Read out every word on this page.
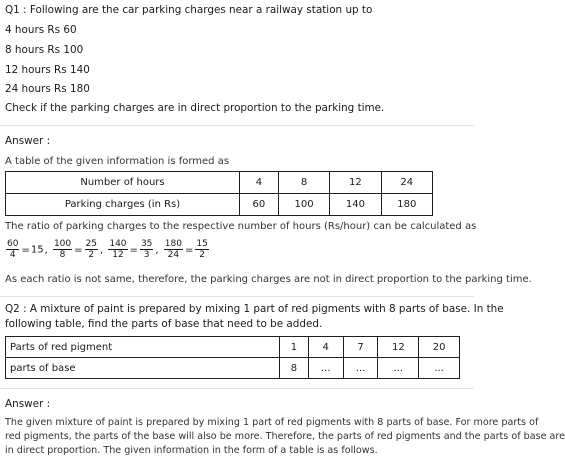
Q1 : Following are the car parking charges near a railway station up to
4 hours Rs 60
8 hours Rs 100
12 hours Rs 140
24 hours Rs 180
Check if the parking charges are in direct proportion to the parking time.
Answer :
A table of the given information is formed as
Number of hours	4	8	12	24
Parking charges (in Rs)	60	100	140	180
The ratio of parking charges to the respective number of hours (Rs/hour) can be calculated as
$\frac{60}{4} =15$, $\frac{100}{8} = \frac{25}{2}$ , $\frac{140}{12} = \frac{35}{3}$ , $\frac{180}{24} = \frac{15}{2}$
As each ratio is not same, therefore, the parking charges are not in direct proportion to the parking time.
Q2 : A mixture of paint is prepared by mixing 1 part of red pigments with 8 parts of base. In the
following table, find the parts of base that need to be added.
Parts of red pigment	1	4	7	12	20
parts of base	8	...	...	...	...
Answer :
The given mixture of paint is prepared by mixing 1 part of red pigments with 8 parts of base. For more parts of
red pigments, the parts of the base will also be more. Therefore, the parts of red pigments and the parts of base are
in direct proportion. The given information in the form of a table is as follows.
